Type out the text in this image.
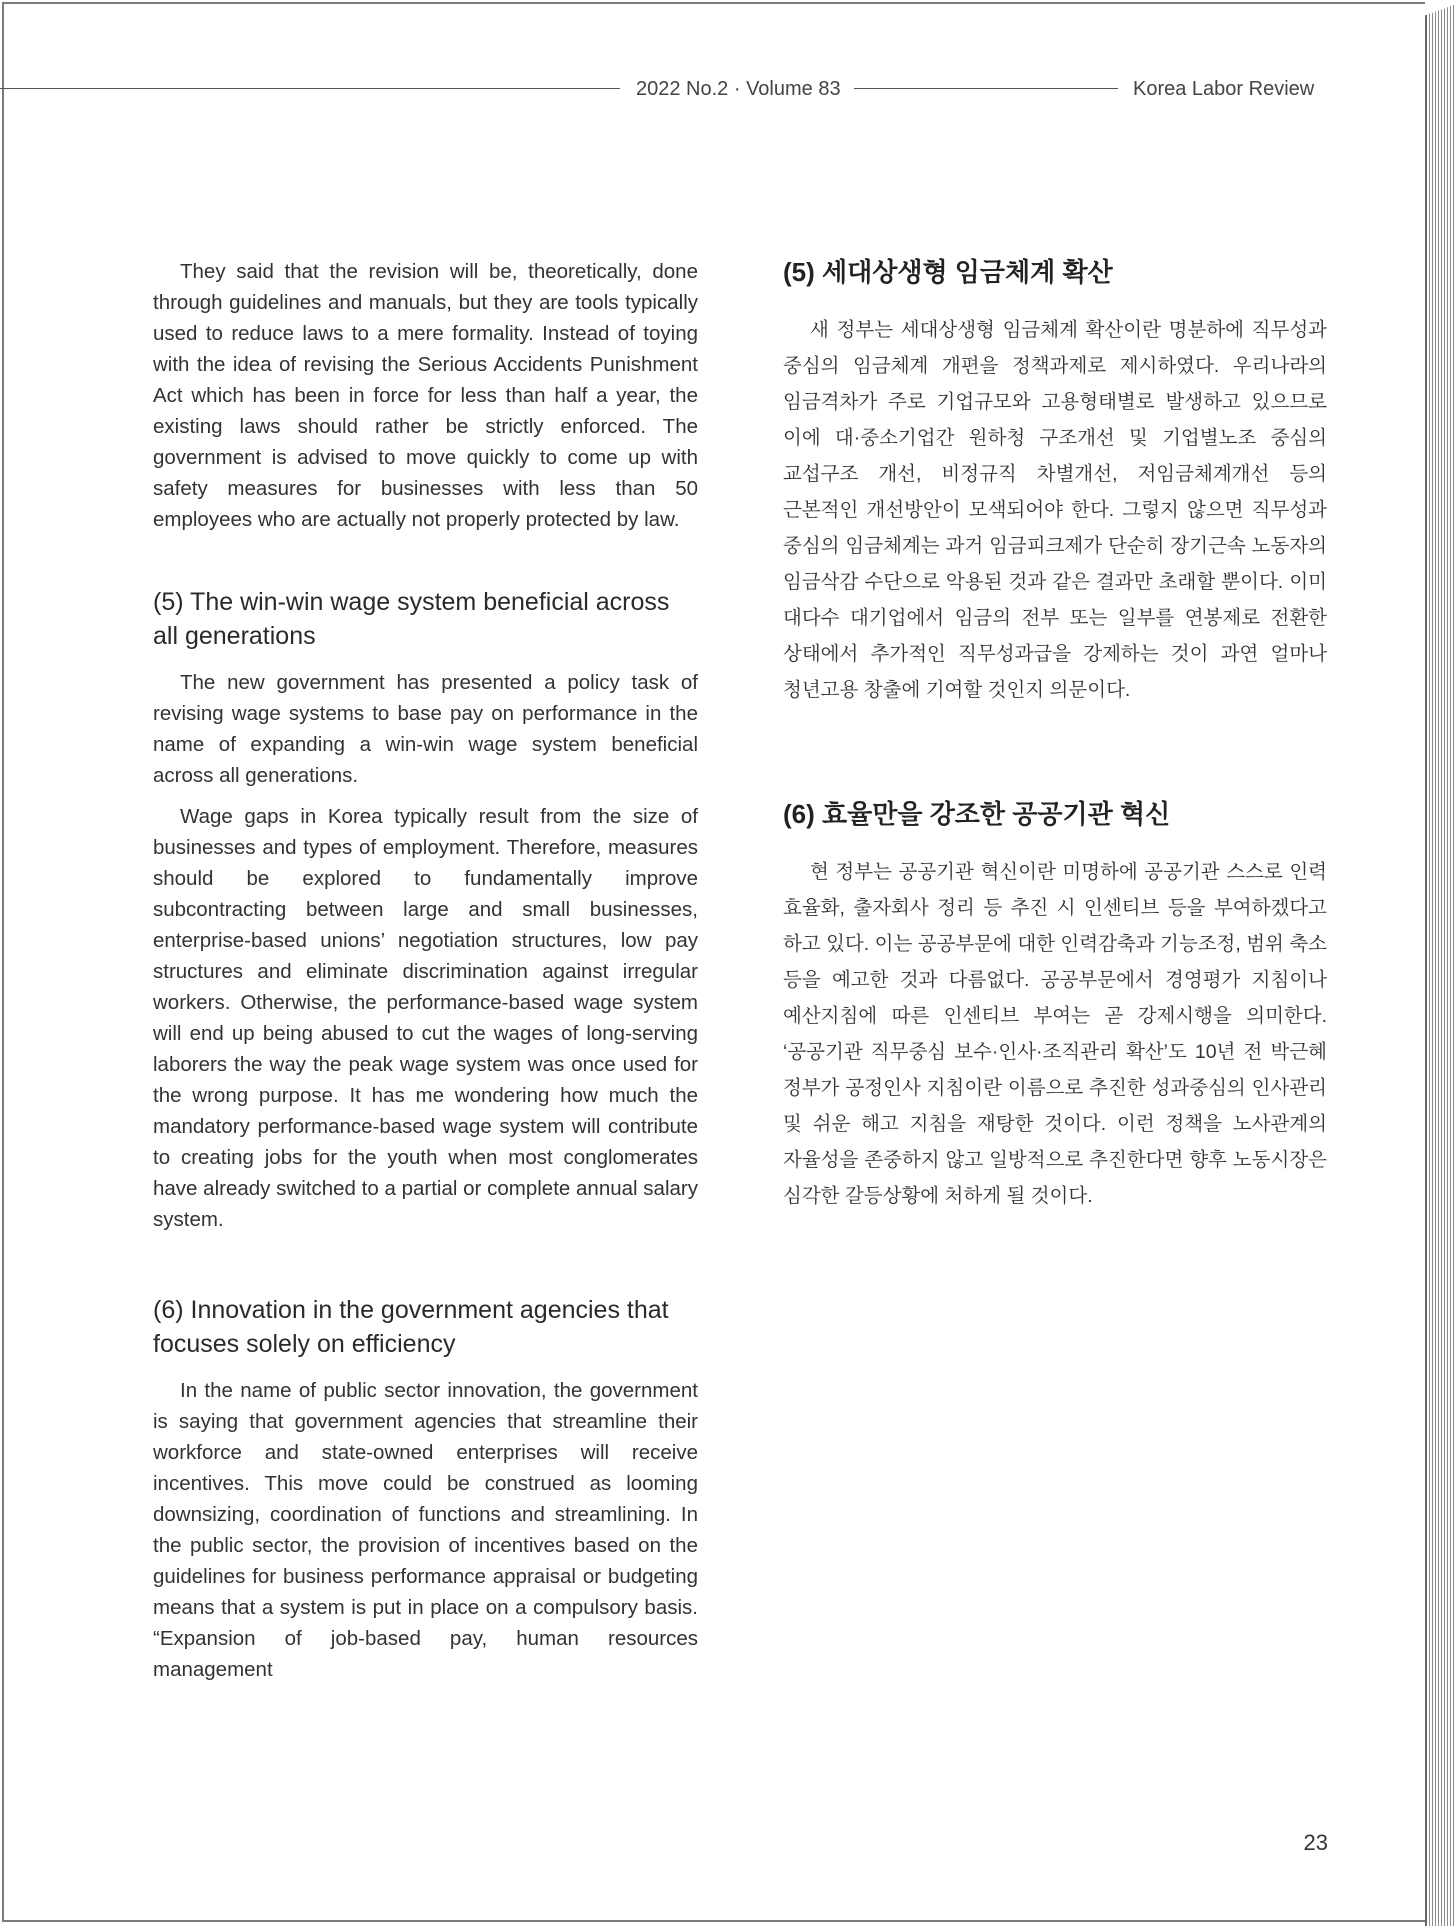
2022 No.2 · Volume 83	Korea Labor Review

They said that the revision will be, theoretically, done through guidelines and manuals, but they are tools typically used to reduce laws to a mere formality. Instead of toying with the idea of revising the Serious Accidents Punishment Act which has been in force for less than half a year, the existing laws should rather be strictly enforced. The government is advised to move quickly to come up with safety measures for businesses with less than 50 employees who are actually not properly protected by law.

(5) The win-win wage system beneficial across all generations

The new government has presented a policy task of revising wage systems to base pay on performance in the name of expanding a win-win wage system beneficial across all generations.

Wage gaps in Korea typically result from the size of businesses and types of employment. Therefore, measures should be explored to fundamentally improve subcontracting between large and small businesses, enterprise-based unions’ negotiation structures, low pay structures and eliminate discrimination against irregular workers. Otherwise, the performance-based wage system will end up being abused to cut the wages of long-serving laborers the way the peak wage system was once used for the wrong purpose. It has me wondering how much the mandatory performance-based wage system will contribute to creating jobs for the youth when most conglomerates have already switched to a partial or complete annual salary system.

(6) Innovation in the government agencies that focuses solely on efficiency

In the name of public sector innovation, the government is saying that government agencies that streamline their workforce and state-owned enterprises will receive incentives. This move could be construed as looming downsizing, coordination of functions and streamlining. In the public sector, the provision of incentives based on the guidelines for business performance appraisal or budgeting means that a system is put in place on a compulsory basis. “Expansion of job-based pay, human resources management

(5) 세대상생형 임금체계 확산

새 정부는 세대상생형 임금체계 확산이란 명분하에 직무성과 중심의 임금체계 개편을 정책과제로 제시하였다. 우리나라의 임금격차가 주로 기업규모와 고용형태별로 발생하고 있으므로 이에 대·중소기업간 원하청 구조개선 및 기업별노조 중심의 교섭구조 개선, 비정규직 차별개선, 저임금체계개선 등의 근본적인 개선방안이 모색되어야 한다. 그렇지 않으면 직무성과 중심의 임금체계는 과거 임금피크제가 단순히 장기근속 노동자의 임금삭감 수단으로 악용된 것과 같은 결과만 초래할 뿐이다. 이미 대다수 대기업에서 임금의 전부 또는 일부를 연봉제로 전환한 상태에서 추가적인 직무성과급을 강제하는 것이 과연 얼마나 청년고용 창출에 기여할 것인지 의문이다.

(6) 효율만을 강조한 공공기관 혁신

현 정부는 공공기관 혁신이란 미명하에 공공기관 스스로 인력 효율화, 출자회사 정리 등 추진 시 인센티브 등을 부여하겠다고 하고 있다. 이는 공공부문에 대한 인력감축과 기능조정, 범위 축소 등을 예고한 것과 다름없다. 공공부문에서 경영평가 지침이나 예산지침에 따른 인센티브 부여는 곧 강제시행을 의미한다. ‘공공기관 직무중심 보수·인사·조직관리 확산’도 10년 전 박근혜 정부가 공정인사 지침이란 이름으로 추진한 성과중심의 인사관리 및 쉬운 해고 지침을 재탕한 것이다. 이런 정책을 노사관계의 자율성을 존중하지 않고 일방적으로 추진한다면 향후 노동시장은 심각한 갈등상황에 처하게 될 것이다.

23
